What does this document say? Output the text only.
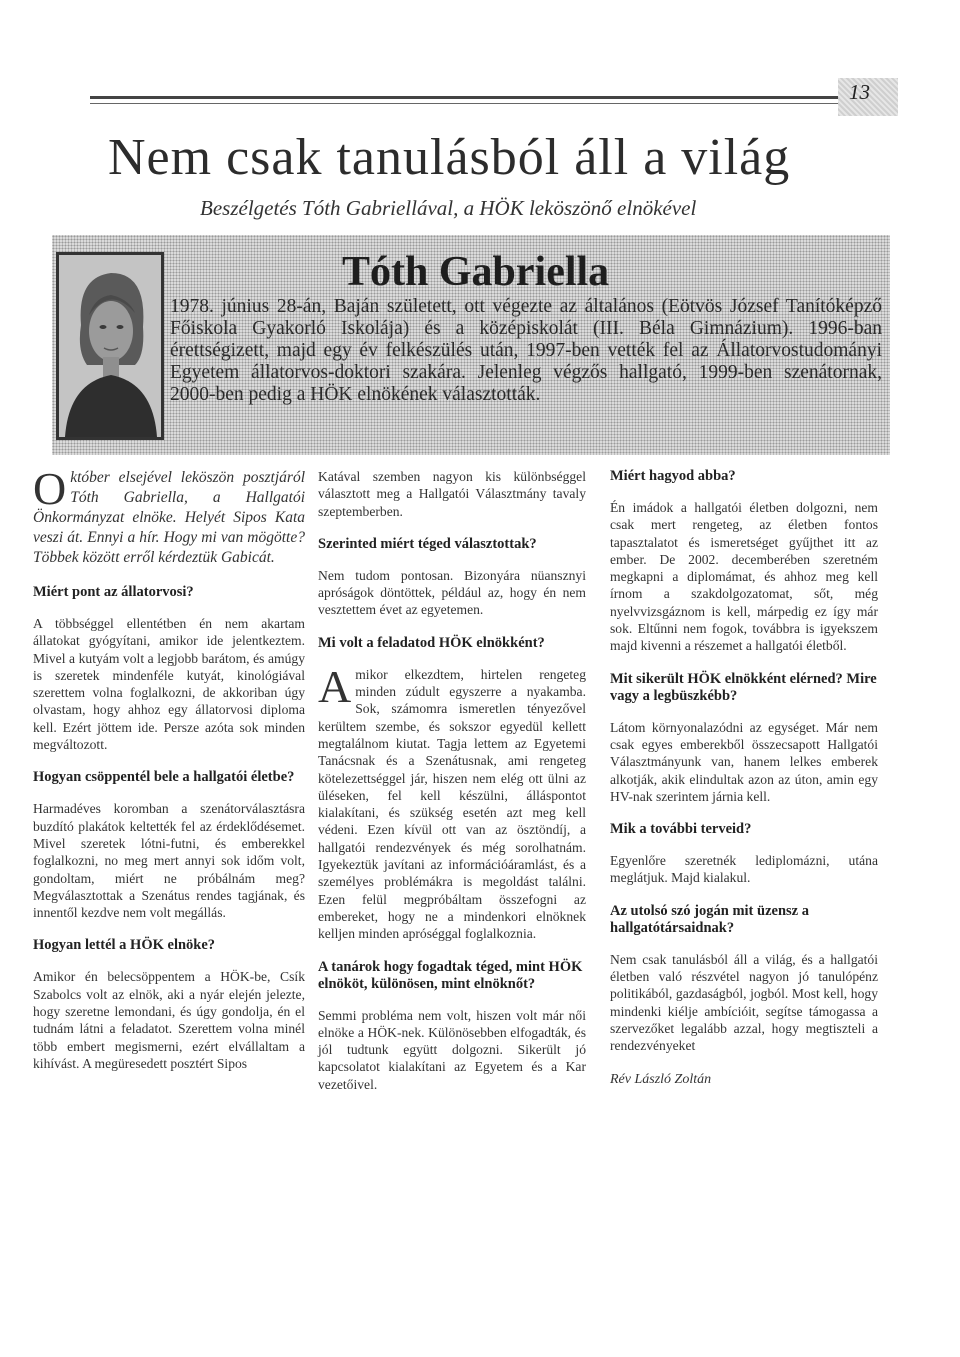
13
Nem csak tanulásból áll a világ
Beszélgetés Tóth Gabriellával, a HÖK leköszönő elnökével
Tóth Gabriella

1978. június 28-án, Baján született, ott végezte az általános (Eötvös József Tanítóképző Főiskola Gyakorló Iskolája) és a középiskolát (III. Béla Gimnázium). 1996-ban érettségizett, majd egy év felkészülés után, 1997-ben vették fel az Állatorvostudományi Egyetem állatorvos-doktori szakára. Jelenleg végzős hallgató, 1999-ben szenátornak, 2000-ben pedig a HÖK elnökének választották.

Október elsejével leköszön posztjáról Tóth Gabriella, a Hallgatói Önkormányzat elnöke. Helyét Sipos Kata veszi át. Ennyi a hír. Hogy mi van mögötte? Többek között erről kérdeztük Gabicát.

Miért pont az állatorvosi?

A többséggel ellentétben én nem akartam állatokat gyógyítani, amikor ide jelentkeztem. Mivel a kutyám volt a legjobb barátom, és amúgy is szeretek mindenféle kutyát, kinológiával szerettem volna foglalkozni, de akkoriban úgy olvastam, hogy ahhoz egy állatorvosi diploma kell. Ezért jöttem ide. Persze azóta sok minden megváltozott.

Hogyan csöppentél bele a hallgatói életbe?

Harmadéves koromban a szenátorválasztásra buzdító plakátok keltették fel az érdeklődésemet. Mivel szeretek lótni-futni, és emberekkel foglalkozni, no meg mert annyi sok időm volt, gondoltam, miért ne próbálnám meg? Megválasztottak a Szenátus rendes tagjának, és innentől kezdve nem volt megállás.

Hogyan lettél a HÖK elnöke?

Amikor én belecsöppentem a HÖK-be, Csík Szabolcs volt az elnök, aki a nyár elején jelezte, hogy szeretne lemondani, és úgy gondolja, én el tudnám látni a feladatot. Szerettem volna minél több embert megismerni, ezért elvállaltam a kihívást. A megüresedett posztért Sipos

Katával szemben nagyon kis különbséggel választott meg a Hallgatói Választmány tavaly szeptemberben.

Szerinted miért téged választottak?

Nem tudom pontosan. Bizonyára nüansznyi apróságok döntöttek, például az, hogy én nem vesztettem évet az egyetemen.

Mi volt a feladatod HÖK elnökként?

Amikor elkezdtem, hirtelen rengeteg minden zúdult egyszerre a nyakamba. Sok, számomra ismeretlen tényezővel kerültem szembe, és sokszor egyedül kellett megtalálnom kiutat. Tagja lettem az Egyetemi Tanácsnak és a Szenátusnak, ami rengeteg kötelezettséggel jár, hiszen nem elég ott ülni az üléseken, fel kell készülni, álláspontot kialakítani, és szükség esetén azt meg kell védeni. Ezen kívül ott van az ösztöndíj, a hallgatói rendezvények és még sorolhatnám. Igyekeztük javítani az információáramlást, és a személyes problémákra is megoldást találni. Ezen felül megpróbáltam összefogni az embereket, hogy ne a mindenkori elnöknek kelljen minden apróséggal foglalkoznia.

A tanárok hogy fogadtak téged, mint HÖK elnököt, különösen, mint elnöknőt?

Semmi probléma nem volt, hiszen volt már női elnöke a HÖK-nek. Különösebben elfogadták, és jól tudtunk együtt dolgozni. Sikerült jó kapcsolatot kialakítani az Egyetem és a Kar vezetőivel.

Miért hagyod abba?

Én imádok a hallgatói életben dolgozni, nem csak mert rengeteg, az életben fontos tapasztalatot és ismeretséget gyűjthet itt az ember. De 2002. decemberében szeretném megkapni a diplomámat, és ahhoz meg kell írnom a szakdolgozatomat, sőt, még nyelvvizsgáznom is kell, márpedig ez így már sok. Eltűnni nem fogok, továbbra is igyekszem majd kivenni a részemet a hallgatói életből.

Mit sikerült HÖK elnökként elérned? Mire vagy a legbüszkébb?

Látom környonalazódni az egységet. Már nem csak egyes emberekből összecsapott Hallgatói Választmányunk van, hanem lelkes emberek alkotják, akik elindultak azon az úton, amin egy HV-nak szerintem járnia kell.

Mik a további terveid?

Egyenlőre szeretnék lediplomázni, utána meglátjuk. Majd kialakul.

Az utolsó szó jogán mit üzensz a hallgatótársaidnak?

Nem csak tanulásból áll a világ, és a hallgatói életben való részvétel nagyon jó tanulópénz politikából, gazdaságból, jogból. Most kell, hogy mindenki kiélje ambícióit, segítse támogassa a szervezőket legalább azzal, hogy megtiszteli a rendezvényeket

Rév László Zoltán
